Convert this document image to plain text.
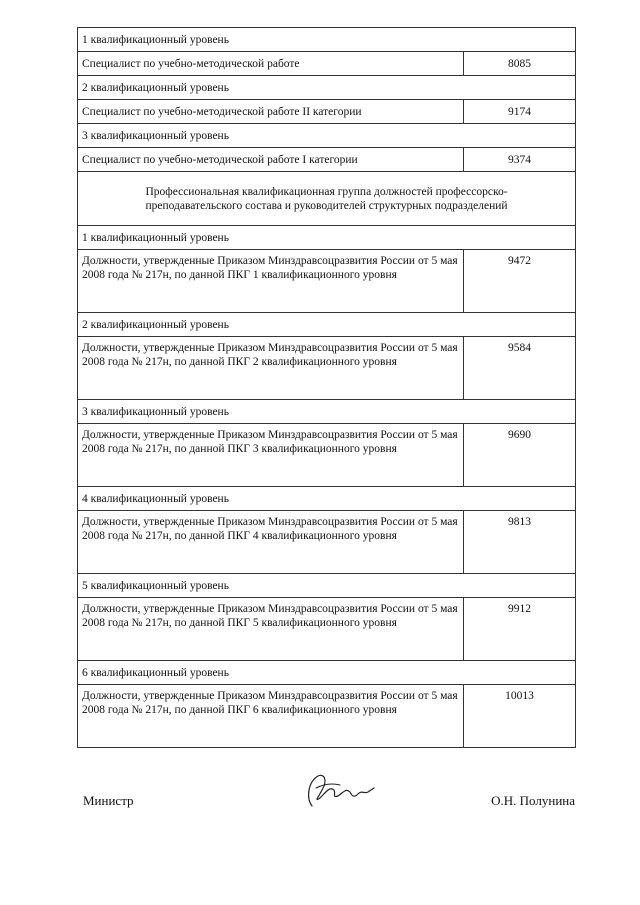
1 квалификационный уровень	
Специалист по учебно-методической работе	8085
2 квалификационный уровень	
Специалист по учебно-методической работе II категории	9174
3 квалификационный уровень	
Специалист по учебно-методической работе I категории	9374
Профессиональная квалификационная группа должностей профессорско-преподавательского состава и руководителей структурных подразделений	
1 квалификационный уровень	
Должности, утвержденные Приказом Минздравсоцразвития России от 5 мая 2008 года № 217н, по данной ПКГ 1 квалификационного уровня	9472
2 квалификационный уровень	
Должности, утвержденные Приказом Минздравсоцразвития России от 5 мая 2008 года № 217н, по данной ПКГ 2 квалификационного уровня	9584
3 квалификационный уровень	
Должности, утвержденные Приказом Минздравсоцразвития России от 5 мая 2008 года № 217н, по данной ПКГ 3 квалификационного уровня	9690
4 квалификационный уровень	
Должности, утвержденные Приказом Минздравсоцразвития России от 5 мая 2008 года № 217н, по данной ПКГ 4 квалификационного уровня	9813
5 квалификационный уровень	
Должности, утвержденные Приказом Минздравсоцразвития России от 5 мая 2008 года № 217н, по данной ПКГ 5 квалификационного уровня	9912
6 квалификационный уровень	
Должности, утвержденные Приказом Минздравсоцразвития России от 5 мая 2008 года № 217н, по данной ПКГ 6 квалификационного уровня	10013
Министр	О.Н. Полунина
